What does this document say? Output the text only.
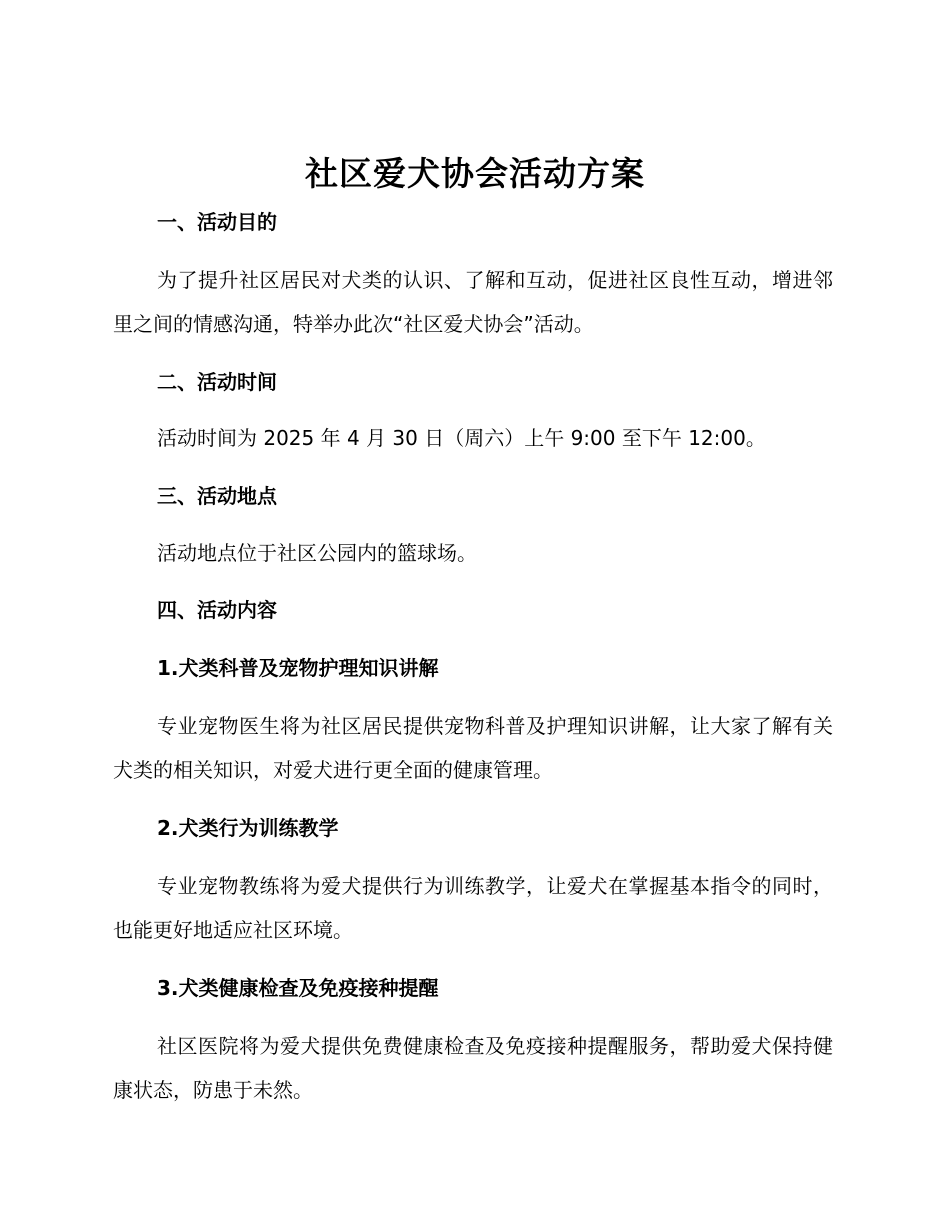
社区爱犬协会活动方案
一、活动目的
为了提升社区居民对犬类的认识、了解和互动，促进社区良性互动，增进邻里之间的情感沟通，特举办此次“社区爱犬协会”活动。
二、活动时间
活动时间为 2025 年 4 月 30 日（周六）上午 9:00 至下午 12:00。
三、活动地点
活动地点位于社区公园内的篮球场。
四、活动内容
1.犬类科普及宠物护理知识讲解
专业宠物医生将为社区居民提供宠物科普及护理知识讲解，让大家了解有关犬类的相关知识，对爱犬进行更全面的健康管理。
2.犬类行为训练教学
专业宠物教练将为爱犬提供行为训练教学，让爱犬在掌握基本指令的同时，也能更好地适应社区环境。
3.犬类健康检查及免疫接种提醒
社区医院将为爱犬提供免费健康检查及免疫接种提醒服务，帮助爱犬保持健康状态，防患于未然。
